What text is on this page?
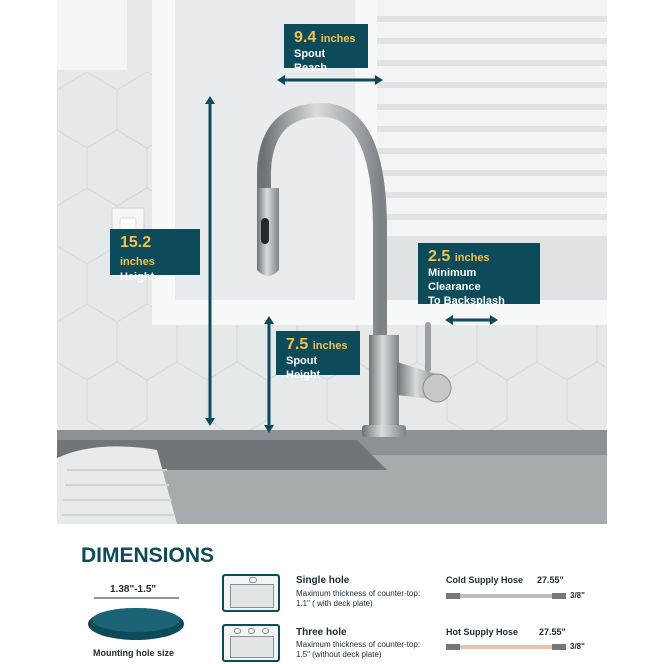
9.4 inches
Spout Reach
15.2 inches
Height
2.5 inches
Minimum Clearance
To Backsplash
7.5 inches
Spout Height
DIMENSIONS
1.38"-1.5"
Mounting hole size
Single hole
Maximum thickness of counter-top:
1.1" ( with deck plate)
Three hole
Maximum thickness of counter-top:
1.5" (without deck plate)
Cold Supply Hose 27.55"
3/8"
Hot Supply Hose 27.55"
3/8"
